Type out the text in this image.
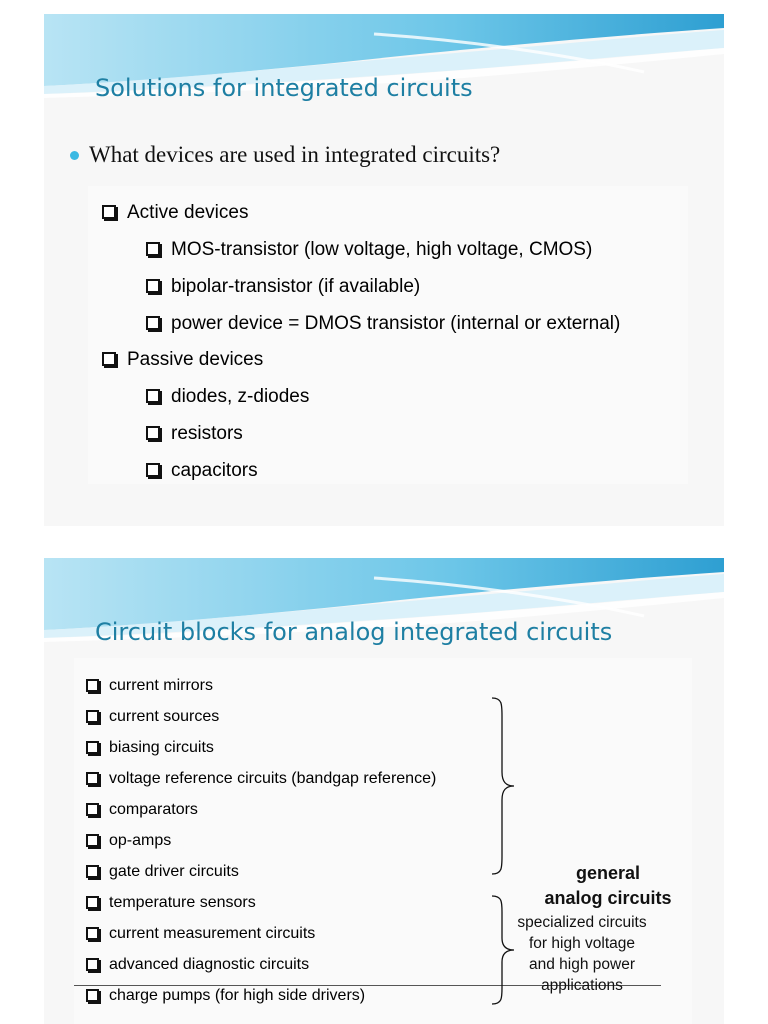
Solutions for integrated circuits
What devices are used in integrated circuits?
Active devices
MOS-transistor (low voltage, high voltage, CMOS)
bipolar-transistor (if available)
power device = DMOS transistor (internal or external)
Passive devices
diodes, z-diodes
resistors
capacitors
Circuit blocks for analog integrated circuits
current mirrors
current sources
biasing circuits
voltage reference circuits (bandgap reference)
comparators
op-amps
gate driver circuits	general
analog circuits
temperature sensors
current measurement circuits
advanced diagnostic circuits
charge pumps (for high side drivers)
specialized circuits
for high voltage
and high power
applications
